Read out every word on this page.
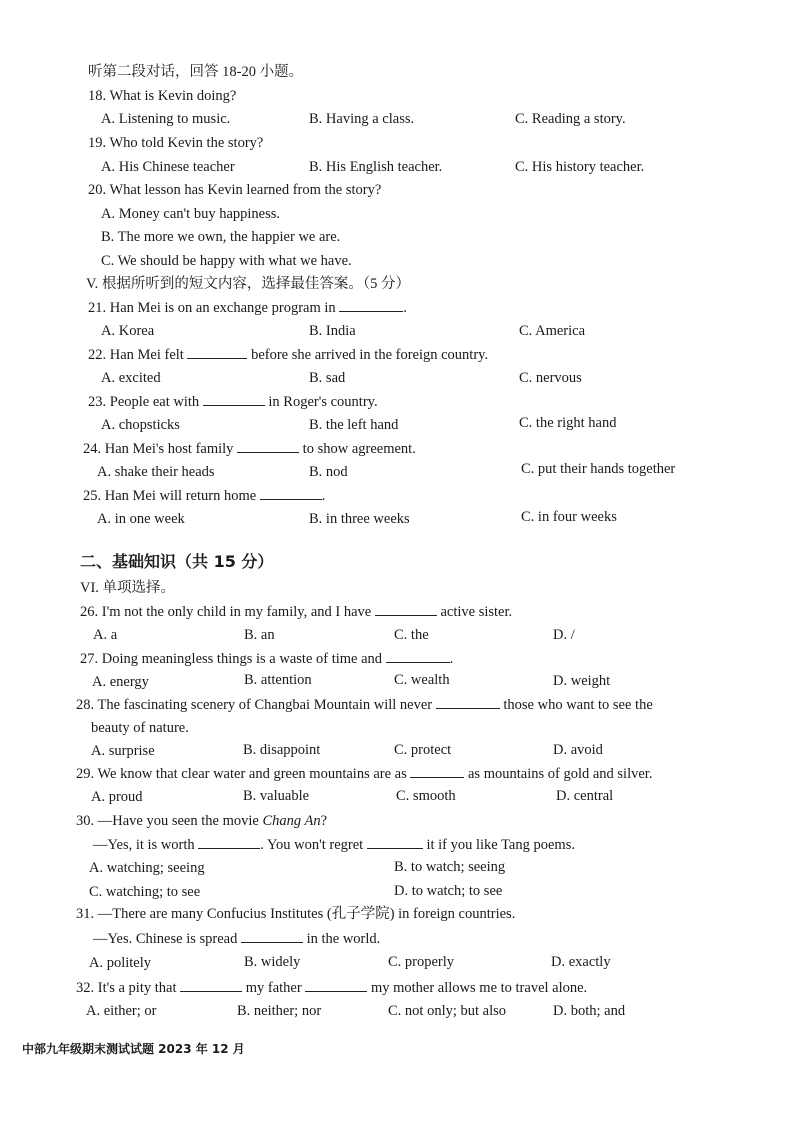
听第二段对话，回答 18-20 小题。
18. What is Kevin doing?
A. Listening to music.	B. Having a class.	C. Reading a story.
19. Who told Kevin the story?
A. His Chinese teacher	B. His English teacher.	C. His history teacher.
20. What lesson has Kevin learned from the story?
A. Money can't buy happiness.
B. The more we own, the happier we are.
C. We should be happy with what we have.
V. 根据所听到的短文内容，选择最佳答案。（5 分）
21. Han Mei is on an exchange program in	.
A. Korea	B. India	C. America
22. Han Mei felt	before she arrived in the foreign country.
A. excited	B. sad	C. nervous
23. People eat with	in Roger's country.
A. chopsticks	B. the left hand	C. the right hand
24. Han Mei's host family	to show agreement.
A. shake their heads	B. nod	C. put their hands together
25. Han Mei will return home	.
A. in one week	B. in three weeks	C. in four weeks
二、基础知识（共 15 分）
VI. 单项选择。
26. I'm not the only child in my family, and I have	active sister.
A. a	B. an	C. the	D. /
27. Doing meaningless things is a waste of time and	.
A. energy	B. attention	C. wealth	D. weight
28. The fascinating scenery of Changbai Mountain will never	those who want to see the
beauty of nature.
A. surprise	B. disappoint	C. protect	D. avoid
29. We know that clear water and green mountains are as	as mountains of gold and silver.
A. proud	B. valuable	C. smooth	D. central
30. —Have you seen the movie Chang An?
—Yes, it is worth	. You won't regret	it if you like Tang poems.
A. watching; seeing	B. to watch; seeing
C. watching; to see	D. to watch; to see
31. —There are many Confucius Institutes (孔子学院) in foreign countries.
—Yes. Chinese is spread	in the world.
A. politely	B. widely	C. properly	D. exactly
32. It's a pity that	my father	my mother allows me to travel alone.
A. either; or	B. neither; nor	C. not only; but also	D. both; and
中部九年级期末测试试题 2023 年 12 月
